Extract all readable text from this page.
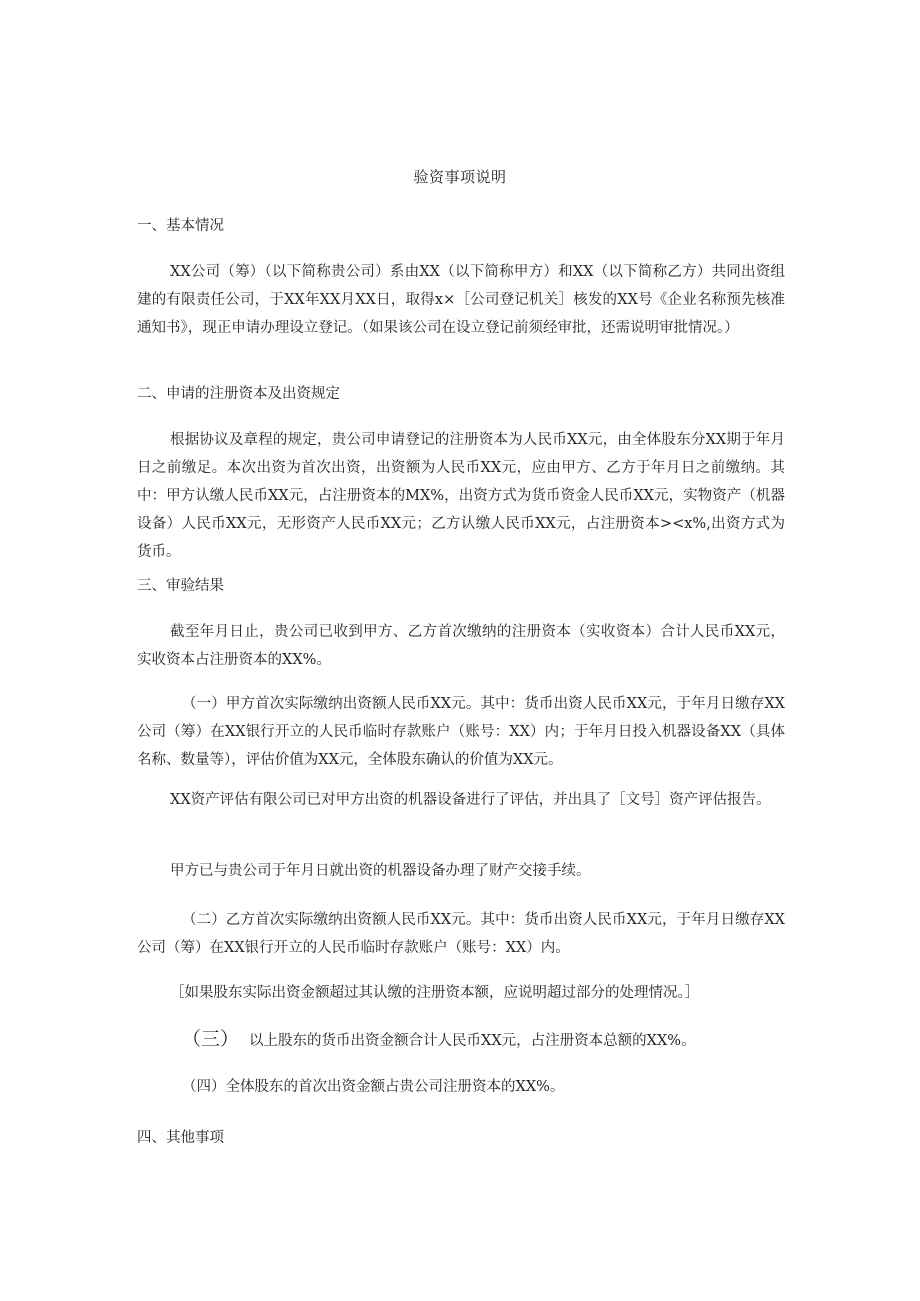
验资事项说明
一、基本情况
XX公司（筹）（以下简称贵公司）系由XX（以下简称甲方）和XX（以下简称乙方）共同出资组建的有限责任公司，于XX年XX月XX日，取得x×［公司登记机关］核发的XX号《企业名称预先核准通知书》，现正申请办理设立登记。（如果该公司在设立登记前须经审批，还需说明审批情况。）
二、申请的注册资本及出资规定
根据协议及章程的规定，贵公司申请登记的注册资本为人民币XX元，由全体股东分XX期于年月日之前缴足。本次出资为首次出资，出资额为人民币XX元，应由甲方、乙方于年月日之前缴纳。其中：甲方认缴人民币XX元，占注册资本的MX%，出资方式为货币资金人民币XX元，实物资产（机器设备）人民币XX元，无形资产人民币XX元；乙方认缴人民币XX元，占注册资本><x%,出资方式为货币。
三、审验结果
截至年月日止，贵公司已收到甲方、乙方首次缴纳的注册资本（实收资本）合计人民币XX元，实收资本占注册资本的XX%。
（一）甲方首次实际缴纳出资额人民币XX元。其中：货币出资人民币XX元，于年月日缴存XX公司（筹）在XX银行开立的人民币临时存款账户（账号：XX）内；于年月日投入机器设备XX（具体名称、数量等），评估价值为XX元，全体股东确认的价值为XX元。
XX资产评估有限公司已对甲方出资的机器设备进行了评估，并出具了［文号］资产评估报告。
甲方已与贵公司于年月日就出资的机器设备办理了财产交接手续。
（二）乙方首次实际缴纳出资额人民币XX元。其中：货币出资人民币XX元，于年月日缴存XX公司（筹）在XX银行开立的人民币临时存款账户（账号：XX）内。
［如果股东实际出资金额超过其认缴的注册资本额，应说明超过部分的处理情况。］
（三） 以上股东的货币出资金额合计人民币XX元，占注册资本总额的XX%。
（四）全体股东的首次出资金额占贵公司注册资本的XX%。
四、其他事项
